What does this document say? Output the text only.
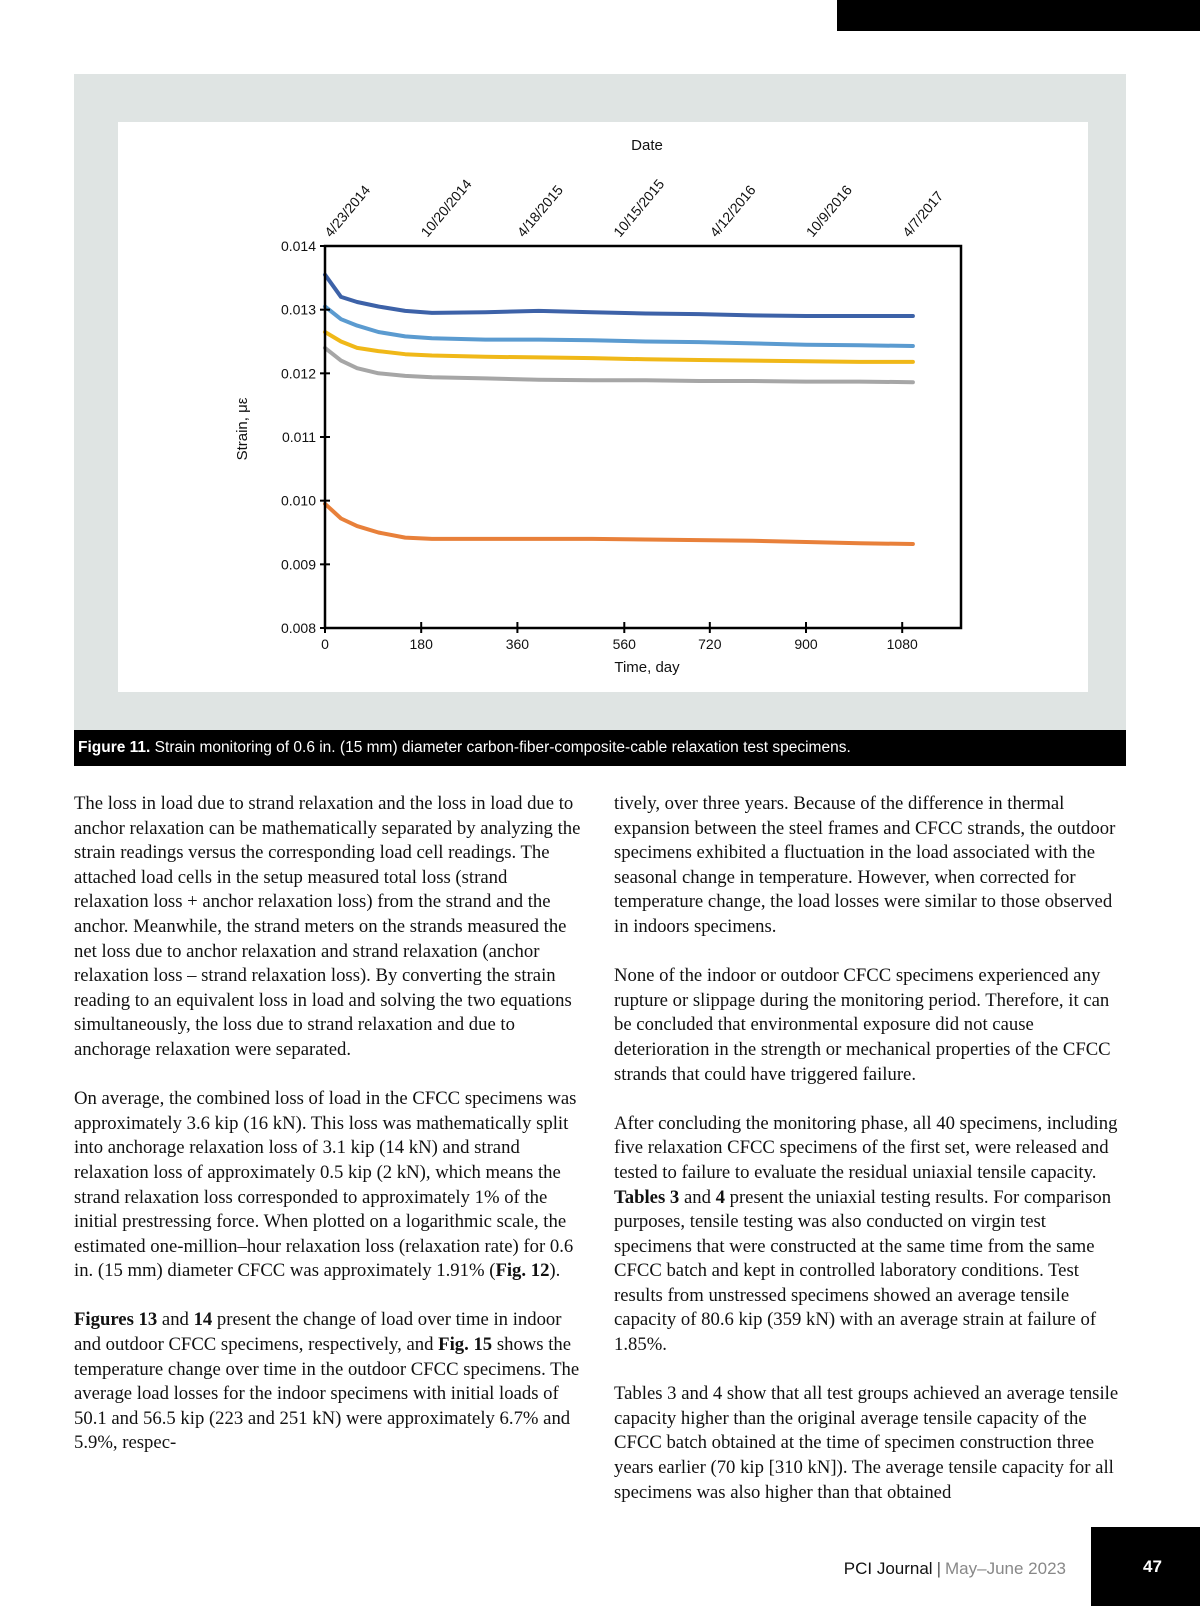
0.008
0.009
0.010
0.011
0.012
0.013
0.014
0	180	360	560	720	900	1080
4/23/2014	10/20/2014	4/18/2015	10/15/2015	4/12/2016	10/9/2016	4/7/2017
Date
Time, day
Strain, με
Figure 11. Strain monitoring of 0.6 in. (15 mm) diameter carbon-fiber-composite-cable relaxation test specimens.

The loss in load due to strand relaxation and the loss in load due to anchor relaxation can be mathematically separated by analyzing the strain readings versus the corresponding load cell readings. The attached load cells in the setup measured total loss (strand relaxation loss + anchor relaxation loss) from the strand and the anchor. Meanwhile, the strand meters on the strands measured the net loss due to anchor relaxation and strand relaxation (anchor relaxation loss – strand relaxation loss). By converting the strain reading to an equivalent loss in load and solving the two equations simultaneously, the loss due to strand relaxation and due to anchorage relaxation were separated.

On average, the combined loss of load in the CFCC specimens was approximately 3.6 kip (16 kN). This loss was mathematically split into anchorage relaxation loss of 3.1 kip (14 kN) and strand relaxation loss of approximately 0.5 kip (2 kN), which means the strand relaxation loss corresponded to approximately 1% of the initial prestressing force. When plotted on a logarithmic scale, the estimated one-million–hour relaxation loss (relaxation rate) for 0.6 in. (15 mm) diameter CFCC was approximately 1.91% (Fig. 12).

Figures 13 and 14 present the change of load over time in indoor and outdoor CFCC specimens, respectively, and Fig. 15 shows the temperature change over time in the outdoor CFCC specimens. The average load losses for the indoor specimens with initial loads of 50.1 and 56.5 kip (223 and 251 kN) were approximately 6.7% and 5.9%, respec-

tively, over three years. Because of the difference in thermal expansion between the steel frames and CFCC strands, the outdoor specimens exhibited a fluctuation in the load associated with the seasonal change in temperature. However, when corrected for temperature change, the load losses were similar to those observed in indoors specimens.

None of the indoor or outdoor CFCC specimens experienced any rupture or slippage during the monitoring period. Therefore, it can be concluded that environmental exposure did not cause deterioration in the strength or mechanical properties of the CFCC strands that could have triggered failure.

After concluding the monitoring phase, all 40 specimens, including five relaxation CFCC specimens of the first set, were released and tested to failure to evaluate the residual uniaxial tensile capacity. Tables 3 and 4 present the uniaxial testing results. For comparison purposes, tensile testing was also conducted on virgin test specimens that were constructed at the same time from the same CFCC batch and kept in controlled laboratory conditions. Test results from unstressed specimens showed an average tensile capacity of 80.6 kip (359 kN) with an average strain at failure of 1.85%.

Tables 3 and 4 show that all test groups achieved an average tensile capacity higher than the original average tensile capacity of the CFCC batch obtained at the time of specimen construction three years earlier (70 kip [310 kN]). The average tensile capacity for all specimens was also higher than that obtained

PCI Journal | May–June 2023	47
